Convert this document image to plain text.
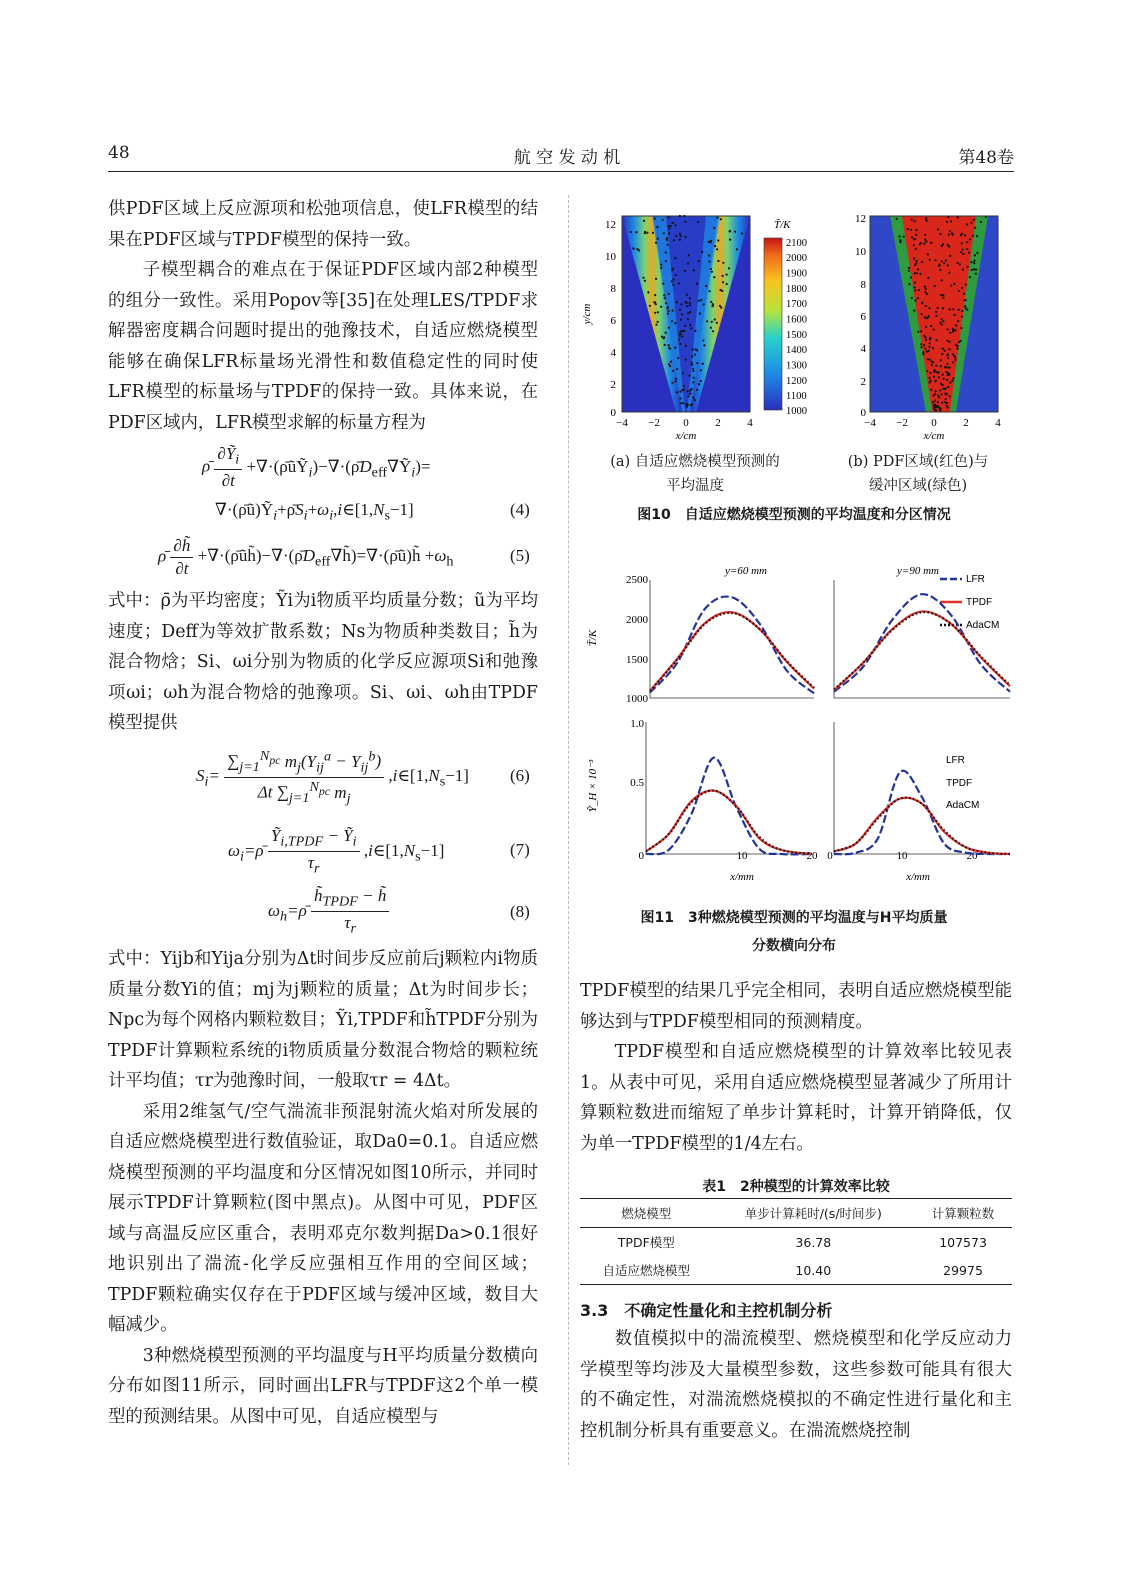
48	航 空 发 动 机	第48卷

供PDF区域上反应源项和松弛项信息，使LFR模型的结果在PDF区域与TPDF模型的保持一致。

子模型耦合的难点在于保证PDF区域内部2种模型的组分一致性。采用Popov等[35]在处理LES/TPDF求解器密度耦合问题时提出的弛豫技术，自适应燃烧模型能够在确保LFR标量场光滑性和数值稳定性的同时使LFR模型的标量场与TPDF的保持一致。具体来说，在PDF区域内，LFR模型求解的标量方程为

ρ̄ $\frac{\partial Ỹ_i}{\partial t}$ $+\nabla\cdot(\rhōũỸ_i)-\nabla\cdot(\rhōD_{eff}\nabla Ỹ_i)=$
$\nabla\cdot(\rhōũ)Ỹ_i+\rhōS_i+\omega_i,i\in[1,N_s-1]$	(4)
ρ̄ $\frac{\partial h̃}{\partial t}$ $+\nabla\cdot(\rhōũh̃)-\nabla\cdot(\rhōD_{eff}\nabla h̃)=\nabla\cdot(\rhōũ)h̃ +\omega_h$	(5)

式中：ρ̄为平均密度；Ỹi为i物质平均质量分数；ũ为平均速度；Deff为等效扩散系数；Ns为物质种类数目；h̃为混合物焓；Si、ωi分别为物质的化学反应源项Si和弛豫项ωi；ωh为混合物焓的弛豫项。Si、ωi、ωh由TPDF模型提供

$S_i= \frac{\sum_{j=1}^{N_{pc}} m_j(Y_{ij}^a - Y_{ij}^b)}{\Delta t \sum_{j=1}^{N_{pc}} m_j}$ $,i\in[1,N_s-1]$ (6)
$\omega_i=\rhō \frac{Ỹ_{i,TPDF} - Ỹ_i}{\tau_r}$ $,i\in[1,N_s-1]$	(7)
$\omega_h=\rhō \frac{h̃_{TPDF} - h̃}{\tau_r}$	(8)

式中：Yijb和Yija分别为Δt时间步反应前后j颗粒内i物质质量分数Yi的值；mj为j颗粒的质量；Δt为时间步长；Npc为每个网格内颗粒数目；Ỹi,TPDF和h̃TPDF分别为TPDF计算颗粒系统的i物质质量分数混合物焓的颗粒统计平均值；τr为弛豫时间，一般取τr = 4Δt。

采用2维氢气/空气湍流非预混射流火焰对所发展的自适应燃烧模型进行数值验证，取Da0=0.1。自适应燃烧模型预测的平均温度和分区情况如图10所示，并同时展示TPDF计算颗粒(图中黑点)。从图中可见，PDF区域与高温反应区重合，表明邓克尔数判据Da>0.1很好地识别出了湍流-化学反应强相互作用的空间区域；TPDF颗粒确实仅存在于PDF区域与缓冲区域，数目大幅减少。

3种燃烧模型预测的平均温度与H平均质量分数横向分布如图11所示，同时画出LFR与TPDF这2个单一模型的预测结果。从图中可见，自适应模型与

12
10
8
6
4
2
0
−4 −2 0 2 4
x/cm
y/cm
T̃/K
2100
2000
1900
1800
1700
1600
1500
1400
1300
1200
1100
1000
12
10
8
6
4
2
0
−4 −2 0 2 4
x/cm
(a) 自适应燃烧模型预测的
平均温度
(b) PDF区域(红色)与
缓冲区域(绿色)
图10　自适应燃烧模型预测的平均温度和分区情况
y=60 mm	y=90 mm
T̃/K
Ỹ_H × 10⁻³
2500
2000
1500
1000
1.0
0.5
0	10	20 0	10	20
x/mm	x/mm
LFR
TPDF
AdaCM
LFR
TPDF
AdaCM
图11　3种燃烧模型预测的平均温度与H平均质量
分数横向分布

TPDF模型的结果几乎完全相同，表明自适应燃烧模型能够达到与TPDF模型相同的预测精度。

TPDF模型和自适应燃烧模型的计算效率比较见表1。从表中可见，采用自适应燃烧模型显著减少了所用计算颗粒数进而缩短了单步计算耗时，计算开销降低，仅为单一TPDF模型的1/4左右。

表1　2种模型的计算效率比较
燃烧模型	单步计算耗时/(s/时间步)	计算颗粒数
TPDF模型	36.78	107573
自适应燃烧模型	10.40	29975
3.3　不确定性量化和主控机制分析

数值模拟中的湍流模型、燃烧模型和化学反应动力学模型等均涉及大量模型参数，这些参数可能具有很大的不确定性，对湍流燃烧模拟的不确定性进行量化和主控机制分析具有重要意义。在湍流燃烧控制
